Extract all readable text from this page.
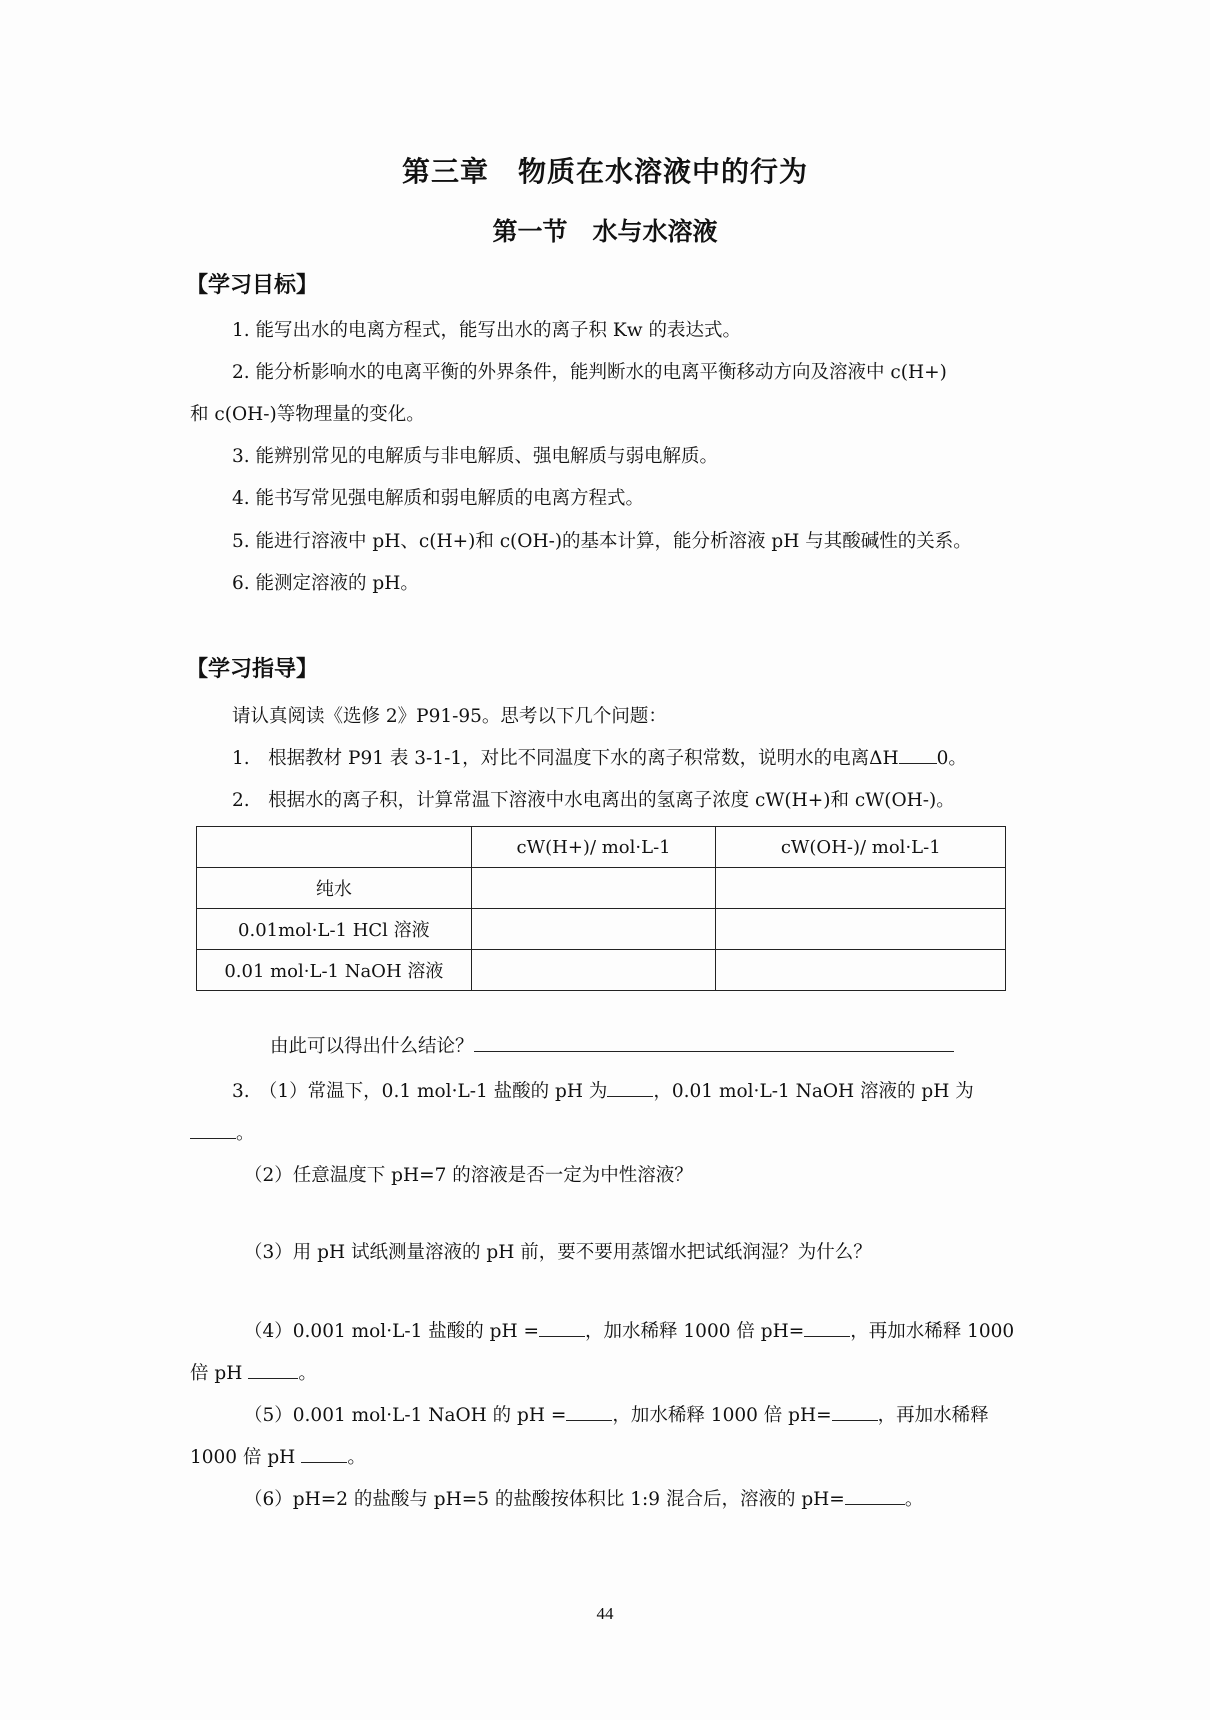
第三章　物质在水溶液中的行为
第一节　水与水溶液
【学习目标】

1. 能写出水的电离方程式，能写出水的离子积 Kw 的表达式。

2. 能分析影响水的电离平衡的外界条件，能判断水的电离平衡移动方向及溶液中 c(H+)

和 c(OH-)等物理量的变化。

3. 能辨别常见的电解质与非电解质、强电解质与弱电解质。

4. 能书写常见强电解质和弱电解质的电离方程式。

5. 能进行溶液中 pH、c(H+)和 c(OH-)的基本计算，能分析溶液 pH 与其酸碱性的关系。

6. 能测定溶液的 pH。

【学习指导】

请认真阅读《选修 2》P91-95。思考以下几个问题：

1.　根据教材 P91 表 3-1-1，对比不同温度下水的离子积常数，说明水的电离ΔH 0。

2.　根据水的离子积，计算常温下溶液中水电离出的氢离子浓度 cW(H+)和 cW(OH-)。

	cW(H+)/ mol·L-1	cW(OH-)/ mol·L-1
纯水		
0.01mol·L-1 HCl 溶液		
0.01 mol·L-1 NaOH 溶液		

由此可以得出什么结论？

3.　（1）常温下，0.1 mol·L-1 盐酸的 pH 为 ，0.01 mol·L-1 NaOH 溶液的 pH 为

。

（2）任意温度下 pH=7 的溶液是否一定为中性溶液？

（3）用 pH 试纸测量溶液的 pH 前，要不要用蒸馏水把试纸润湿？为什么？

（4）0.001 mol·L-1 盐酸的 pH = ，加水稀释 1000 倍 pH= ，再加水稀释 1000

倍 pH	。

（5）0.001 mol·L-1 NaOH 的 pH = ，加水稀释 1000 倍 pH= ，再加水稀释

1000 倍 pH	。

（6）pH=2 的盐酸与 pH=5 的盐酸按体积比 1:9 混合后，溶液的 pH=	。

44
